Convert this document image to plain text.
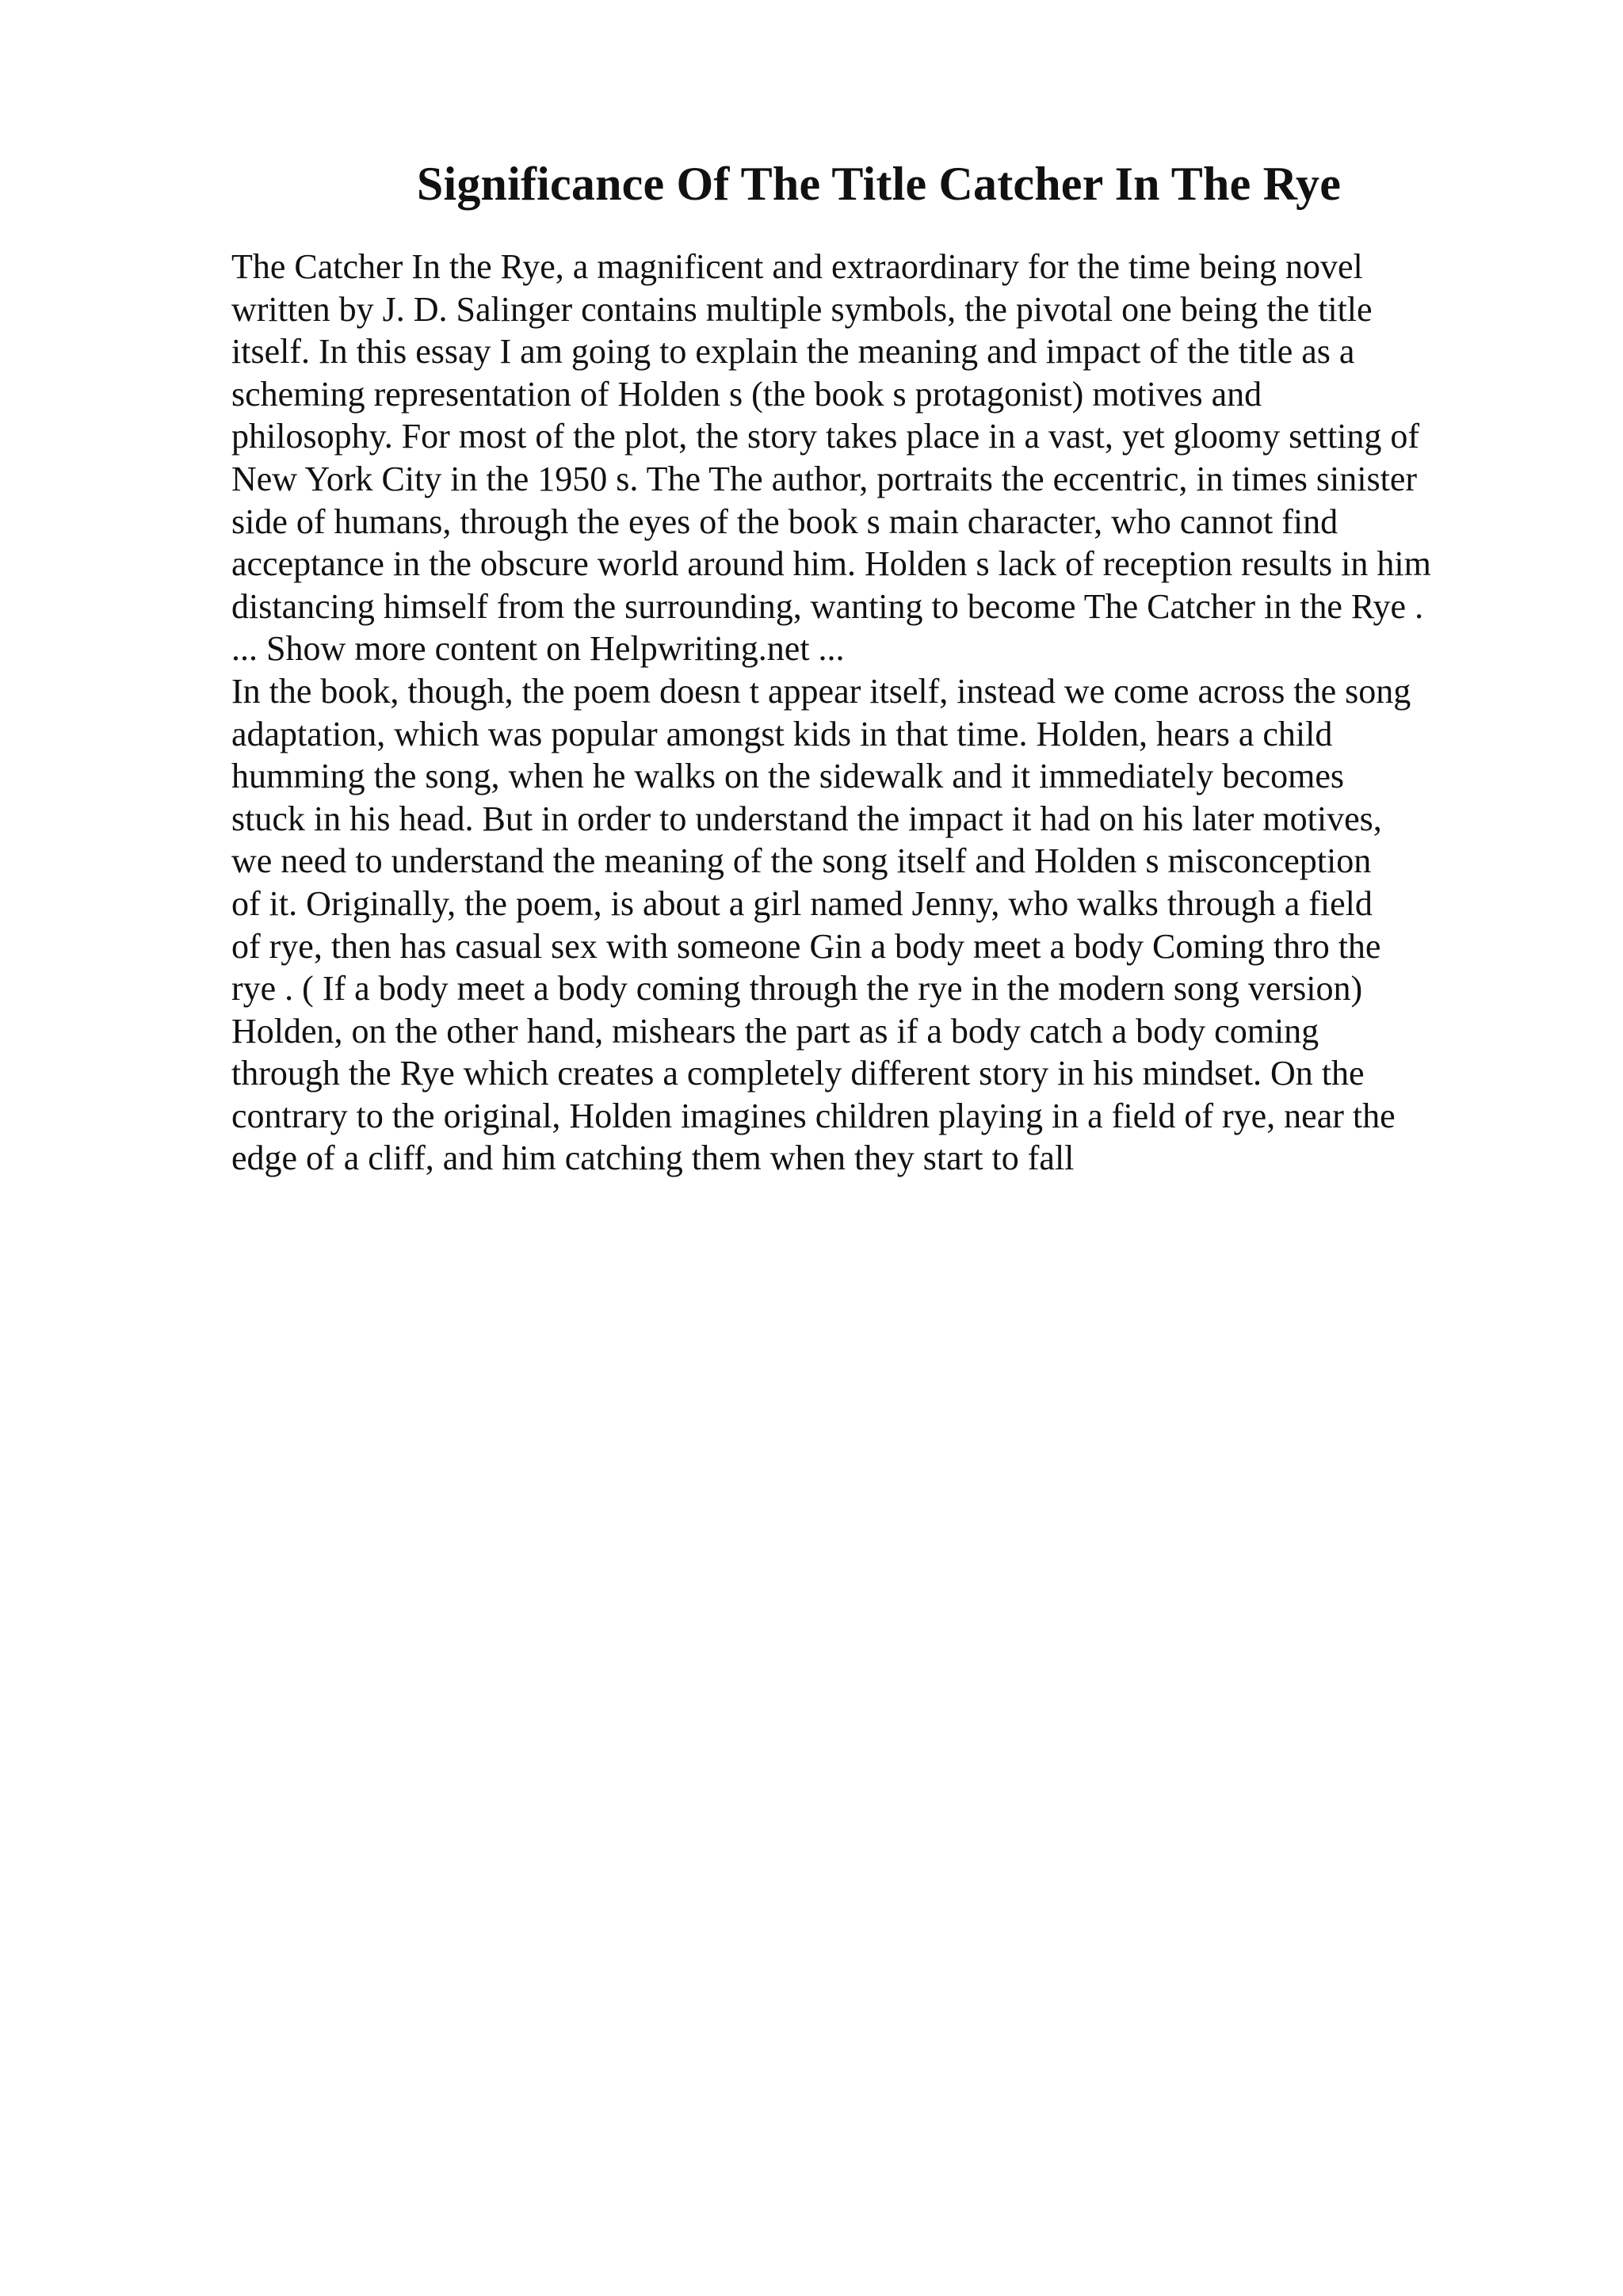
Significance Of The Title Catcher In The Rye
The Catcher In the Rye, a magnificent and extraordinary for the time being novel
written by J. D. Salinger contains multiple symbols, the pivotal one being the title
itself. In this essay I am going to explain the meaning and impact of the title as a
scheming representation of Holden s (the book s protagonist) motives and
philosophy. For most of the plot, the story takes place in a vast, yet gloomy setting of
New York City in the 1950 s. The The author, portraits the eccentric, in times sinister
side of humans, through the eyes of the book s main character, who cannot find
acceptance in the obscure world around him. Holden s lack of reception results in him
distancing himself from the surrounding, wanting to become The Catcher in the Rye .
... Show more content on Helpwriting.net ...
In the book, though, the poem doesn t appear itself, instead we come across the song
adaptation, which was popular amongst kids in that time. Holden, hears a child
humming the song, when he walks on the sidewalk and it immediately becomes
stuck in his head. But in order to understand the impact it had on his later motives,
we need to understand the meaning of the song itself and Holden s misconception
of it. Originally, the poem, is about a girl named Jenny, who walks through a field
of rye, then has casual sex with someone Gin a body meet a body Coming thro the
rye . ( If a body meet a body coming through the rye in the modern song version)
Holden, on the other hand, mishears the part as if a body catch a body coming
through the Rye which creates a completely different story in his mindset. On the
contrary to the original, Holden imagines children playing in a field of rye, near the
edge of a cliff, and him catching them when they start to fall
